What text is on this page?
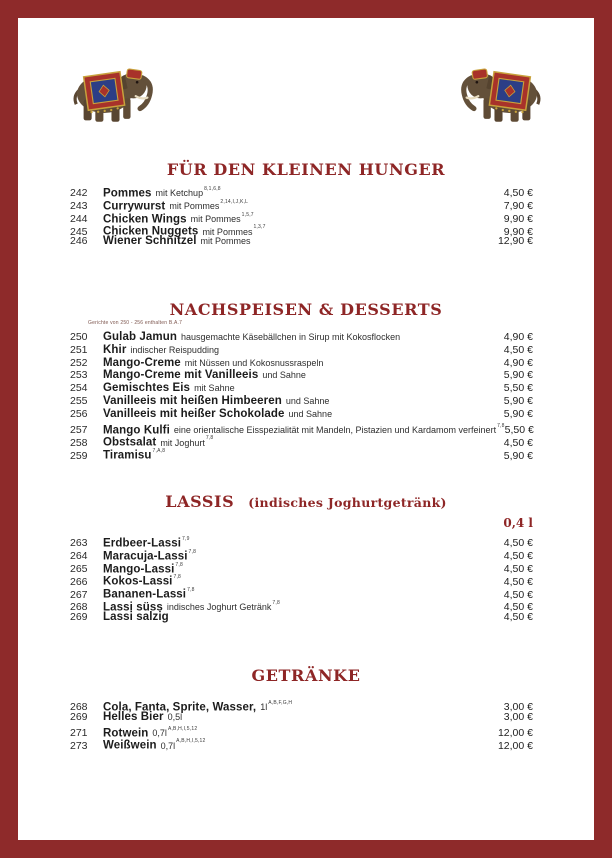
FÜR DEN KLEINEN HUNGER
242	Pommes mit Ketchup$^{8,1,6,8}$	4,50 €
243	Currywurst mit Pommes$^{2,14,I,J,K,L}$	7,90 €
244	Chicken Wings mit Pommes$^{1,5,7}$	9,90 €
245	Chicken Nuggets mit Pommes$^{1,3,7}$	9,90 €
246	Wiener Schnitzel mit Pommes	12,90 €
NACHSPEISEN & DESSERTS
Gerichte von 250 - 256 enthalten B.A.7
250	Gulab Jamun hausgemachte Käsebällchen in Sirup mit Kokosflocken	4,90 €
251	Khir indischer Reispudding	4,50 €
252	Mango-Creme mit Nüssen und Kokosnussraspeln	4,90 €
253	Mango-Creme mit Vanilleeis und Sahne	5,90 €
254	Gemischtes Eis mit Sahne	5,50 €
255	Vanilleeis mit heißen Himbeeren und Sahne	5,90 €
256	Vanilleeis mit heißer Schokolade und Sahne	5,90 €
257	Mango Kulfi eine orientalische Eisspezialität mit Mandeln, Pistazien und Kardamom verfeinert$^{7,8}$ 5,50 €
258	Obstsalat mit Joghurt$^{7,8}$	4,50 €
259	Tiramisu$^{7,A,8}$	5,90 €
LASSIS (indisches Joghurtgetränk)
0,4 l
263	Erdbeer-Lassi$^{7,9}$	4,50 €
264	Maracuja-Lassi$^{7,8}$	4,50 €
265	Mango-Lassi$^{7,8}$	4,50 €
266	Kokos-Lassi$^{7,8}$	4,50 €
267	Bananen-Lassi$^{7,8}$	4,50 €
268	Lassi süss indisches Joghurt Getränk$^{7,8}$	4,50 €
269	Lassi salzig	4,50 €
GETRÄNKE
268	Cola, Fanta, Sprite, Wasser, $1l^{A,B,F,G,H}$	3,00 €
269	Helles Bier 0,5l	3,00 €
271	Rotwein $0,7l^{A,B,H,I,5,12}$	12,00 €
273	Weißwein $0,7l^{A,B,H,I,5,12}$	12,00 €
